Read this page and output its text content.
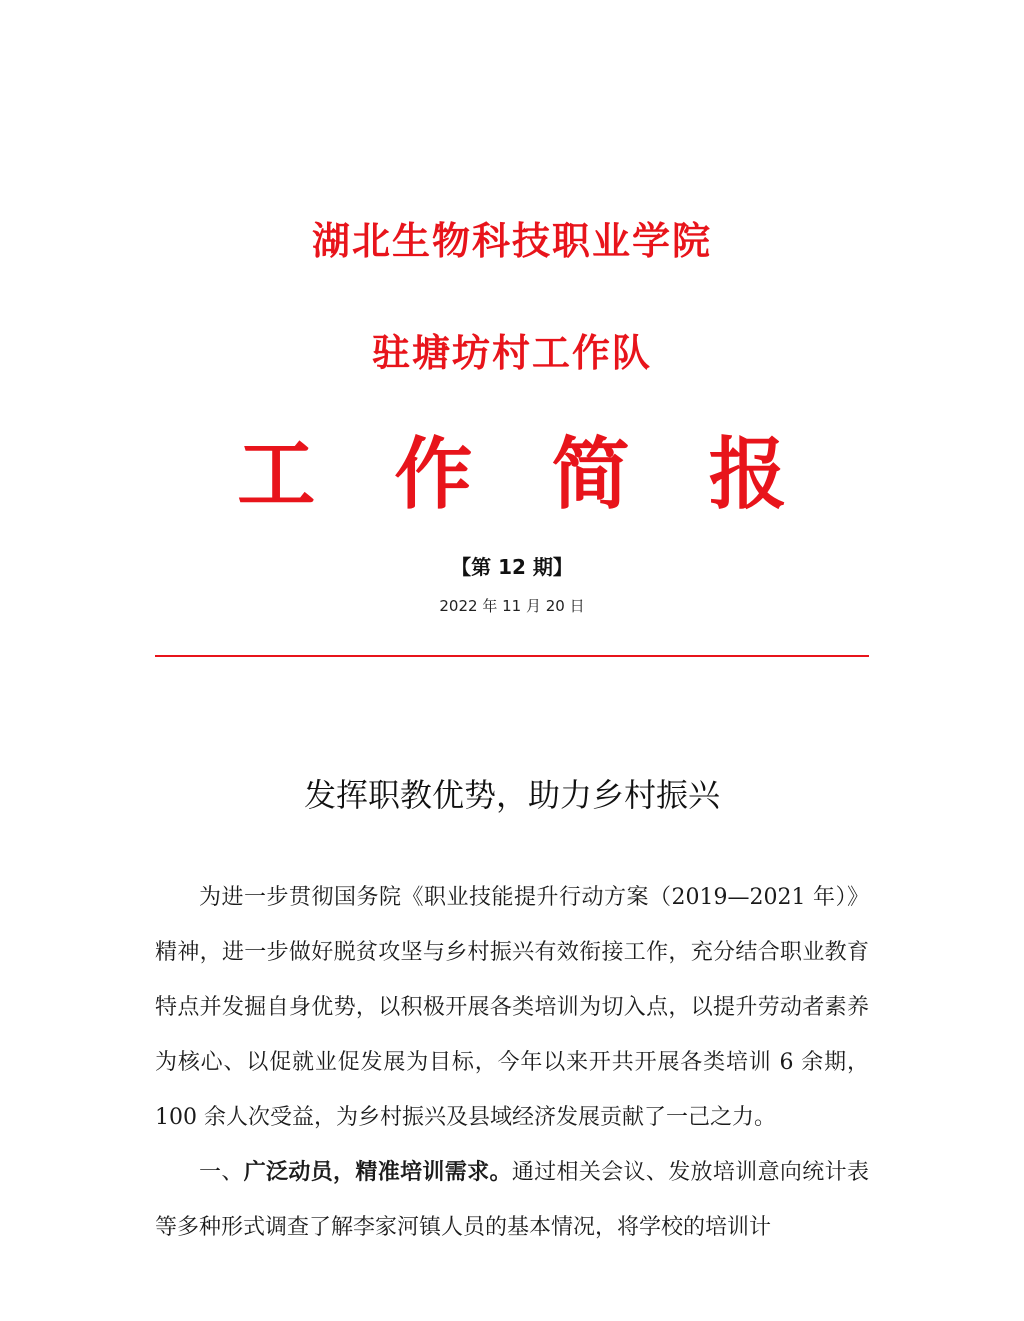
湖北生物科技职业学院
驻塘坊村工作队
工 作 简 报
【第 12 期】
2022 年 11 月 20 日
发挥职教优势，助力乡村振兴

为进一步贯彻国务院《职业技能提升行动方案（2019—2021 年）》精神，进一步做好脱贫攻坚与乡村振兴有效衔接工作，充分结合职业教育特点并发掘自身优势，以积极开展各类培训为切入点，以提升劳动者素养为核心、以促就业促发展为目标，今年以来开共开展各类培训 6 余期，100 余人次受益，为乡村振兴及县域经济发展贡献了一己之力。

一、广泛动员，精准培训需求。通过相关会议、发放培训意向统计表等多种形式调查了解李家河镇人员的基本情况，将学校的培训计
